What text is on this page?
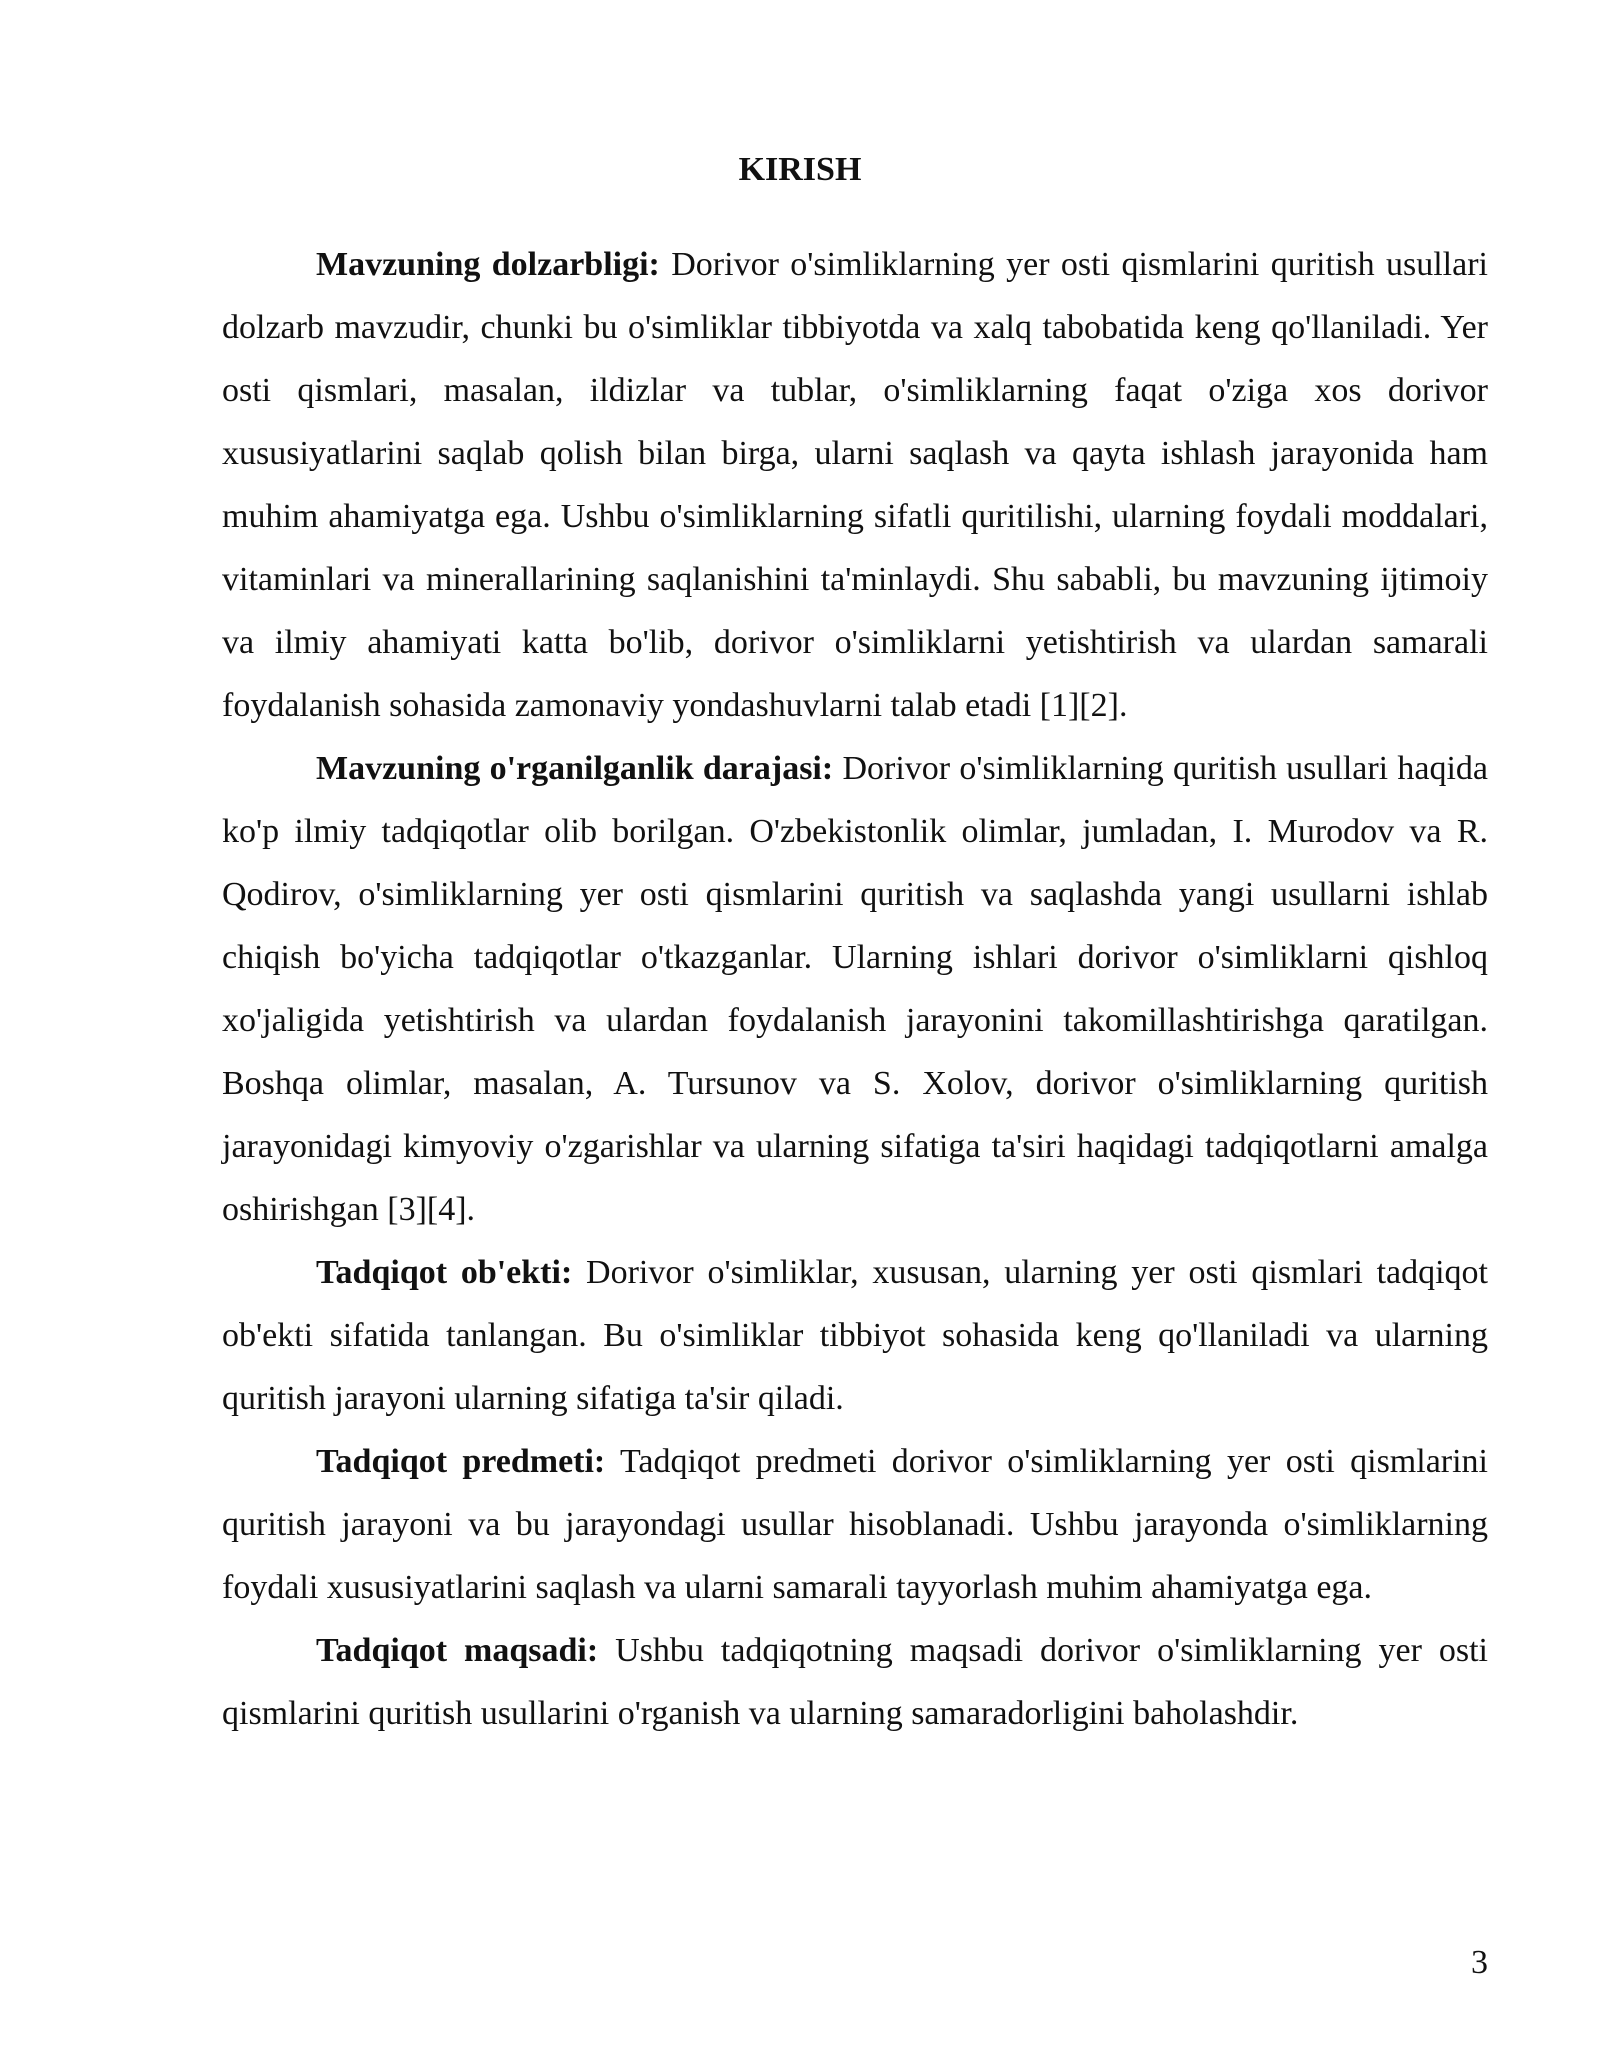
KIRISH

Mavzuning dolzarbligi: Dorivor o'simliklarning yer osti qismlarini quritish usullari dolzarb mavzudir, chunki bu o'simliklar tibbiyotda va xalq tabobatida keng qo'llaniladi. Yer osti qismlari, masalan, ildizlar va tublar, o'simliklarning faqat o'ziga xos dorivor xususiyatlarini saqlab qolish bilan birga, ularni saqlash va qayta ishlash jarayonida ham muhim ahamiyatga ega. Ushbu o'simliklarning sifatli quritilishi, ularning foydali moddalari, vitaminlari va minerallarining saqlanishini ta'minlaydi. Shu sababli, bu mavzuning ijtimoiy va ilmiy ahamiyati katta bo'lib, dorivor o'simliklarni yetishtirish va ulardan samarali foydalanish sohasida zamonaviy yondashuvlarni talab etadi [1][2].

Mavzuning o'rganilganlik darajasi: Dorivor o'simliklarning quritish usullari haqida ko'p ilmiy tadqiqotlar olib borilgan. O'zbekistonlik olimlar, jumladan, I. Murodov va R. Qodirov, o'simliklarning yer osti qismlarini quritish va saqlashda yangi usullarni ishlab chiqish bo'yicha tadqiqotlar o'tkazganlar. Ularning ishlari dorivor o'simliklarni qishloq xo'jaligida yetishtirish va ulardan foydalanish jarayonini takomillashtirishga qaratilgan. Boshqa olimlar, masalan, A. Tursunov va S. Xolov, dorivor o'simliklarning quritish jarayonidagi kimyoviy o'zgarishlar va ularning sifatiga ta'siri haqidagi tadqiqotlarni amalga oshirishgan [3][4].

Tadqiqot ob'ekti: Dorivor o'simliklar, xususan, ularning yer osti qismlari tadqiqot ob'ekti sifatida tanlangan. Bu o'simliklar tibbiyot sohasida keng qo'llaniladi va ularning quritish jarayoni ularning sifatiga ta'sir qiladi.

Tadqiqot predmeti: Tadqiqot predmeti dorivor o'simliklarning yer osti qismlarini quritish jarayoni va bu jarayondagi usullar hisoblanadi. Ushbu jarayonda o'simliklarning foydali xususiyatlarini saqlash va ularni samarali tayyorlash muhim ahamiyatga ega.

Tadqiqot maqsadi: Ushbu tadqiqotning maqsadi dorivor o'simliklarning yer osti qismlarini quritish usullarini o'rganish va ularning samaradorligini baholashdir.

3
